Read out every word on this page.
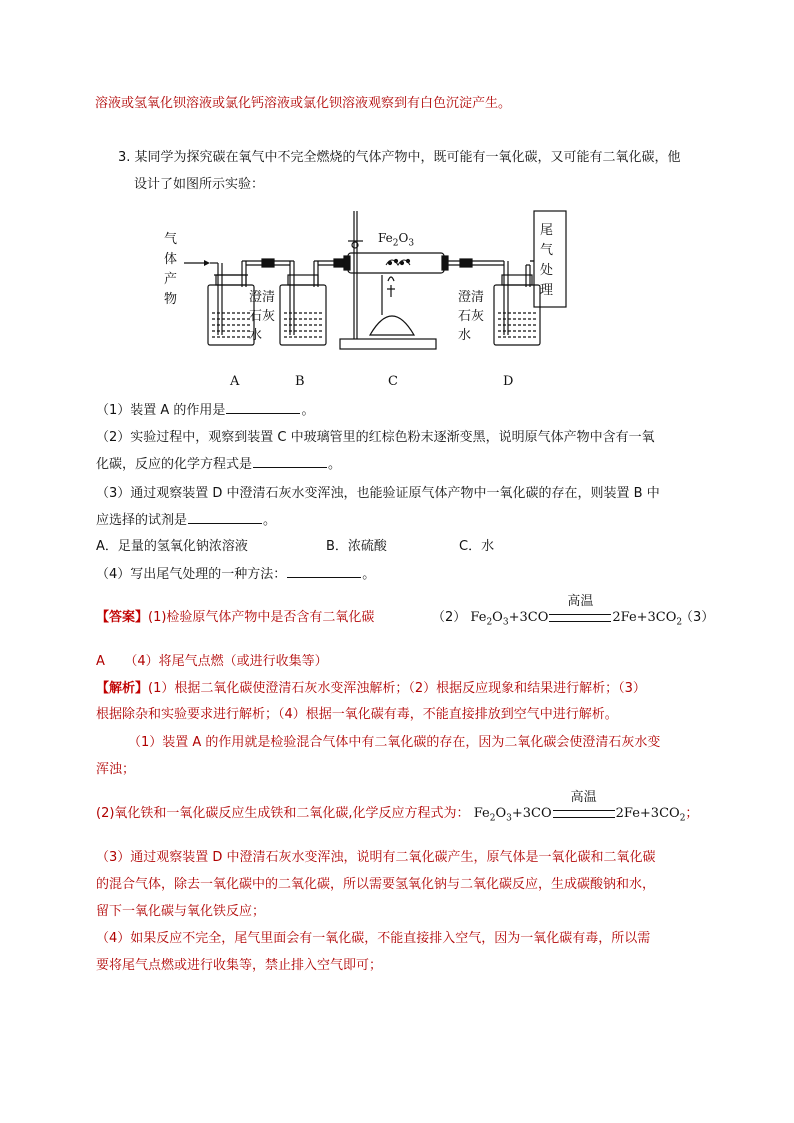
溶液或氢氧化钡溶液或氯化钙溶液或氯化钡溶液观察到有白色沉淀产生。
3. 某同学为探究碳在氧气中不完全燃烧的气体产物中，既可能有一氧化碳，又可能有二氧化碳，他
设计了如图所示实验：
气
体
产
物	澄清
石灰
水
澄清
石灰
水
尾
气
处
理
$Fe_2O_3$
A	B	C	D
（1）装置 A 的作用是	。
（2）实验过程中，观察到装置 C 中玻璃管里的红棕色粉末逐渐变黑，说明原气体产物中含有一氧
化碳，反应的化学方程式是	。
（3）通过观察装置 D 中澄清石灰水变浑浊，也能验证原气体产物中一氧化碳的存在，则装置 B 中
应选择的试剂是	。
A．足量的氢氧化钠浓溶液	B．浓硫酸	C．水
（4）写出尾气处理的一种方法：	。
【答案】(1)检验原气体产物中是否含有二氧化碳	（2） $Fe_2O_3+3CO$
高温
$2Fe+3CO_2$
（3）
A　　（4）将尾气点燃（或进行收集等）
【解析】(1）根据二氧化碳使澄清石灰水变浑浊解析；（2）根据反应现象和结果进行解析；（3）
根据除杂和实验要求进行解析；（4）根据一氧化碳有毒，不能直接排放到空气中进行解析。
（1）装置 A 的作用就是检验混合气体中有二氧化碳的存在，因为二氧化碳会使澄清石灰水变
浑浊；
(2)氧化铁和一氧化碳反应生成铁和二氧化碳,化学反应方程式为： $Fe_2O_3+3CO$
高温
$2Fe+3CO_2$；
（3）通过观察装置 D 中澄清石灰水变浑浊，说明有二氧化碳产生，原气体是一氧化碳和二氧化碳
的混合气体，除去一氧化碳中的二氧化碳，所以需要氢氧化钠与二氧化碳反应，生成碳酸钠和水，
留下一氧化碳与氧化铁反应；
（4）如果反应不完全，尾气里面会有一氧化碳，不能直接排入空气，因为一氧化碳有毒，所以需
要将尾气点燃或进行收集等，禁止排入空气即可；
